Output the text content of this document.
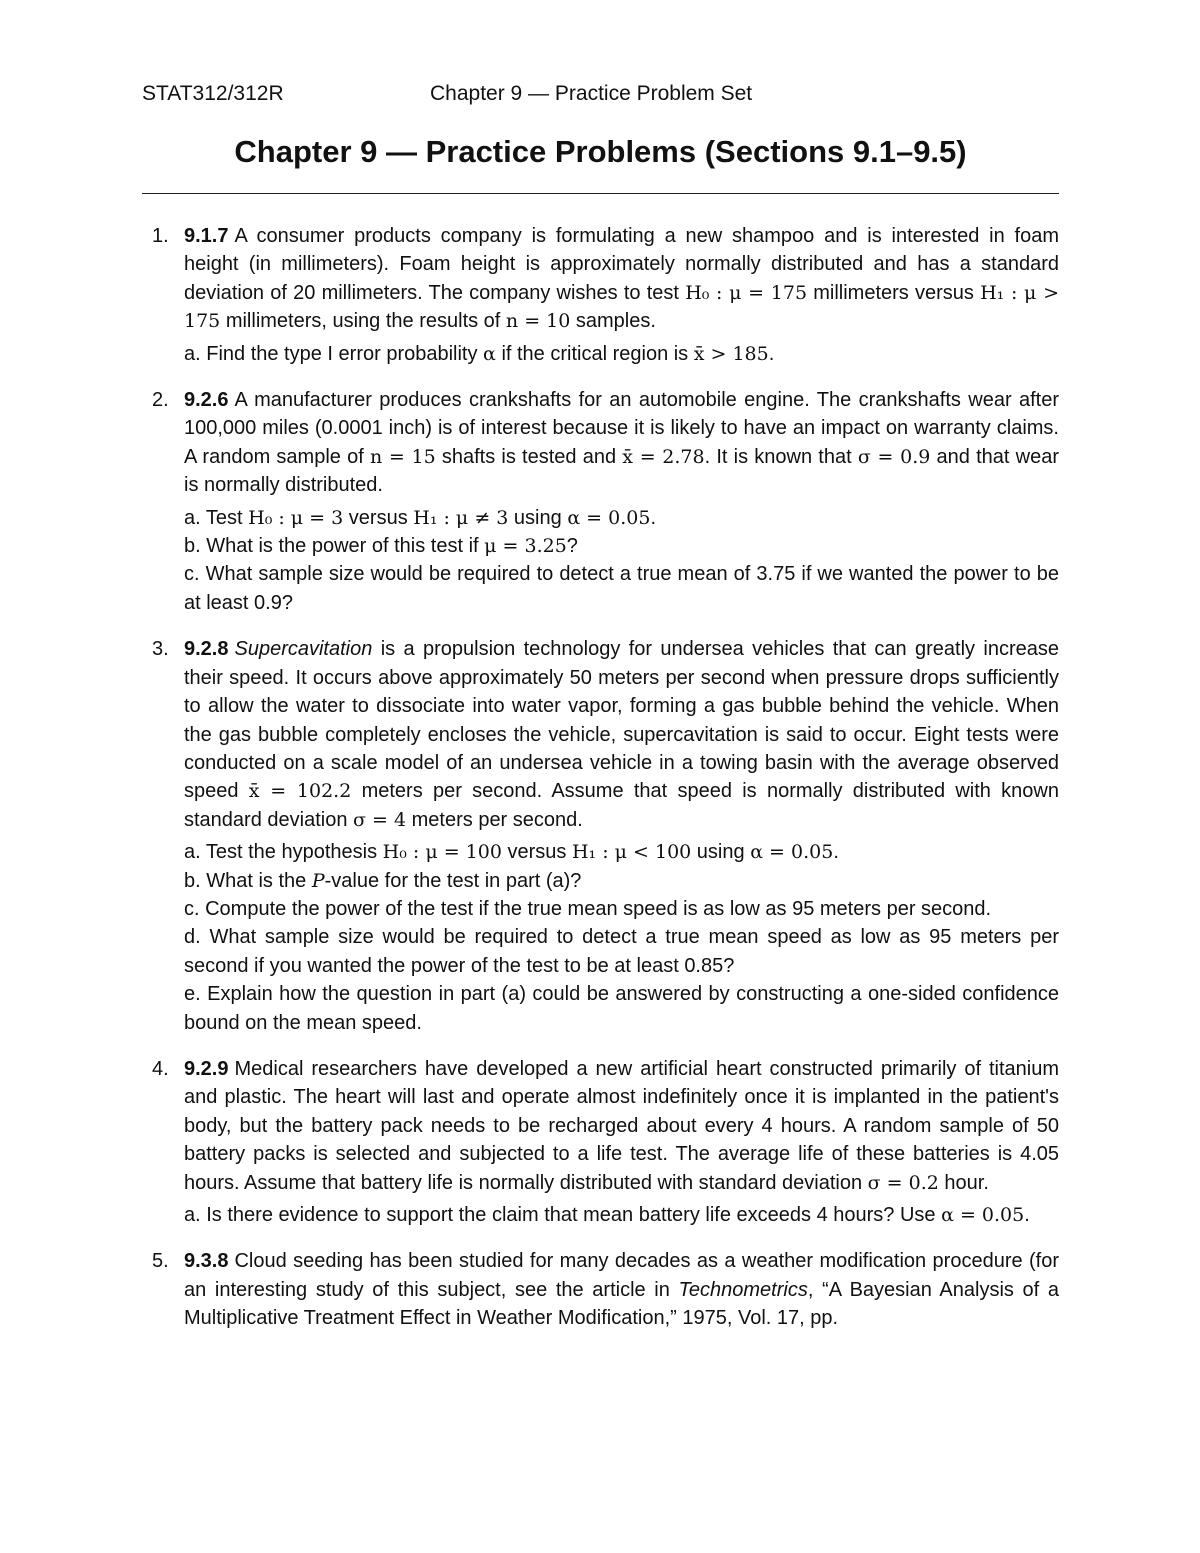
STAT312/312R	Chapter 9 — Practice Problem Set
Chapter 9 — Practice Problems (Sections 9.1–9.5)
1. 9.1.7 A consumer products company is formulating a new shampoo and is interested in foam height (in millimeters). Foam height is approximately normally distributed and has a standard deviation of 20 millimeters. The company wishes to test H₀ : μ = 175 millimeters versus H₁ : μ > 175 millimeters, using the results of n = 10 samples.
a. Find the type I error probability α if the critical region is x̄ > 185.
2. 9.2.6 A manufacturer produces crankshafts for an automobile engine. The crankshafts wear after 100,000 miles (0.0001 inch) is of interest because it is likely to have an impact on warranty claims. A random sample of n = 15 shafts is tested and x̄ = 2.78. It is known that σ = 0.9 and that wear is normally distributed.
a. Test H₀ : μ = 3 versus H₁ : μ ≠ 3 using α = 0.05.
b. What is the power of this test if μ = 3.25?
c. What sample size would be required to detect a true mean of 3.75 if we wanted the power to be at least 0.9?
3. 9.2.8 Supercavitation is a propulsion technology for undersea vehicles that can greatly increase their speed. It occurs above approximately 50 meters per second when pressure drops sufficiently to allow the water to dissociate into water vapor, forming a gas bubble behind the vehicle. When the gas bubble completely encloses the vehicle, supercavitation is said to occur. Eight tests were conducted on a scale model of an undersea vehicle in a towing basin with the average observed speed x̄ = 102.2 meters per second. Assume that speed is normally distributed with known standard deviation σ = 4 meters per second.
a. Test the hypothesis H₀ : μ = 100 versus H₁ : μ < 100 using α = 0.05.
b. What is the P-value for the test in part (a)?
c. Compute the power of the test if the true mean speed is as low as 95 meters per second.
d. What sample size would be required to detect a true mean speed as low as 95 meters per second if you wanted the power of the test to be at least 0.85?
e. Explain how the question in part (a) could be answered by constructing a one-sided confidence bound on the mean speed.
4. 9.2.9 Medical researchers have developed a new artificial heart constructed primarily of titanium and plastic. The heart will last and operate almost indefinitely once it is implanted in the patient's body, but the battery pack needs to be recharged about every 4 hours. A random sample of 50 battery packs is selected and subjected to a life test. The average life of these batteries is 4.05 hours. Assume that battery life is normally distributed with standard deviation σ = 0.2 hour.
a. Is there evidence to support the claim that mean battery life exceeds 4 hours? Use α = 0.05.
5. 9.3.8 Cloud seeding has been studied for many decades as a weather modification procedure (for an interesting study of this subject, see the article in Technometrics, “A Bayesian Analysis of a Multiplicative Treatment Effect in Weather Modification,” 1975, Vol. 17, pp.
